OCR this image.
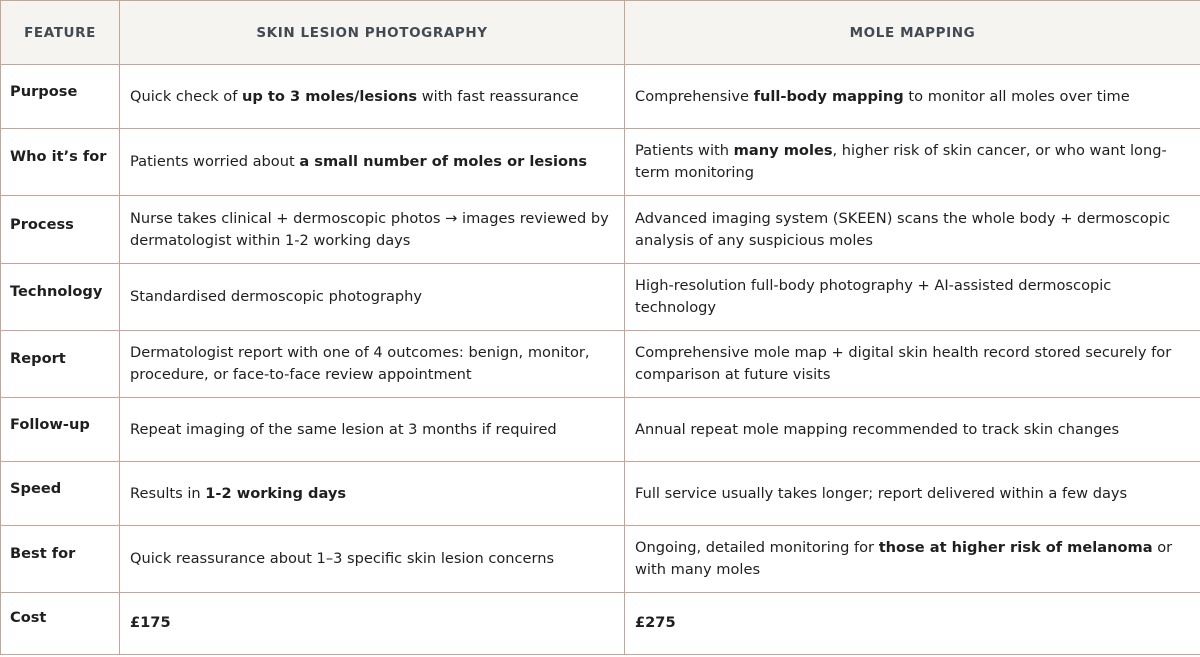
FEATURE	SKIN LESION PHOTOGRAPHY	MOLE MAPPING
Purpose	Quick check of up to 3 moles/lesions with fast reassurance	Comprehensive full-body mapping to monitor all moles over time
Who it’s for	Patients worried about a small number of moles or lesions	Patients with many moles, higher risk of skin cancer, or who want long-term monitoring
Process	Nurse takes clinical + dermoscopic photos → images reviewed by dermatologist within 1-2 working days	Advanced imaging system (SKEEN) scans the whole body + dermoscopic analysis of any suspicious moles
Technology	Standardised dermoscopic photography	High-resolution full-body photography + AI-assisted dermoscopic technology
Report	Dermatologist report with one of 4 outcomes: benign, monitor, procedure, or face-to-face review appointment	Comprehensive mole map + digital skin health record stored securely for comparison at future visits
Follow-up	Repeat imaging of the same lesion at 3 months if required	Annual repeat mole mapping recommended to track skin changes
Speed	Results in 1-2 working days	Full service usually takes longer; report delivered within a few days
Best for	Quick reassurance about 1–3 specific skin lesion concerns	Ongoing, detailed monitoring for those at higher risk of melanoma or with many moles
Cost	£175	£275
